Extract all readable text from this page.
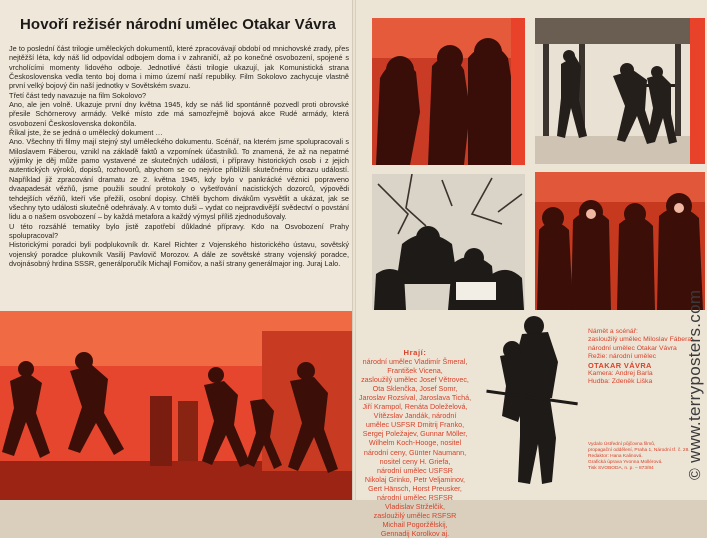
Hovoří režisér národní umělec Otakar Vávra

Je to poslední část trilogie uměleckých dokumentů, které zpracovávají období od mnichovské zrady, přes nejtěžší léta, kdy náš lid odpovídal odbojem doma i v zahraničí, až po konečné osvobození, spojené s vrcholícími momenty lidového odboje. Jednotlivé části trilogie ukazují, jak Komunistická strana Československa vedla tento boj doma i mimo území naší republiky. Film Sokolovo zachycuje vlastně první velký bojový čin naší jednotky v Sovětském svazu.

Třetí část tedy navazuje na film Sokolovo?

Ano, ale jen volně. Ukazuje první dny května 1945, kdy se náš lid spontánně pozvedl proti obrovské přesile Schörnerovy armády. Velké místo zde má samozřejmě bojová akce Rudé armády, která osvobození Československa dokončila.

Říkal jste, že se jedná o umělecký dokument …

Ano. Všechny tři filmy mají stejný styl uměleckého dokumentu. Scénář, na kterém jsme spolupracovali s Miloslavem Fáberou, vznikl na základě faktů a vzpomínek účastníků. To znamená, že až na nepatrné výjimky je děj může pamo vystavené ze skutečných události, i přípravy historických osob i z jejich autentických výroků, dopisů, rozhovorů, abychom se co nejvíce přiblížili skutečnému obrazu událostí. Například již zpracování dramatu ze 2. května 1945, kdy bylo v pankrácké věznici popraveno dvaapadesát vězňů, jsme použili soudní protokoly o vyšetřování nacistických dozorců, výpovědi tehdejších vězňů, kteří vše přežili, osobní dopisy. Chtěli bychom divákům vysvětlit a ukázat, jak se všechny tyto události skutečně odehrávaly. A v tomto duši – vydat co nejpravdivější svědectví o povstání lidu a o našem osvobození – by každá metafora a každý výmysl příliš zjednodušovaly.

U této rozsáhlé tematiky bylo jistě zapotřebí důkladné přípravy. Kdo na Osvobození Prahy spolupracoval?

Historickými poradci byli podplukovník dr. Karel Richter z Vojenského historického ústavu, sovětský vojenský poradce plukovník Vasilij Pavlovič Morozov. A dále ze sovětské strany vojenský poradce, dvojnásobný hrdina SSSR, generálporučík Michajl Fomičov, a naší strany generálmajor ing. Juraj Lalo.

Hrají:
národní umělec Vladimír Šmeral,
František Vicena,
zasloužilý umělec Josef Větrovec,
Ota Sklenčka, Josef Somr,
Jaroslav Rozsíval, Jaroslava Tichá,
Jiří Krampol, Renáta Doleželová,
Vítězslav Jandák, národní
umělec USFSR Dmitrij Franko,
Sergej Poležajev, Gunnar Möller,
Wilhelm Koch-Hooge, nositel
národní ceny, Günter Naumann,
nositel ceny H. Griefa,
národní umělec USFSR
Nikolaj Grinko, Petr Veljaminov,
Gert Hänsch, Horst Preusker,
národní umělec RSFSR
Vladislav Strželčik,
zasloužilý umělec RSFSR
Michail Pogoržělskij,
Gennadij Korolkov aj.
Námět a scénář:
zasloužilý umělec Miloslav Fábera
národní umělec Otakar Vávra
Režie: národní umělec
OTAKAR VÁVRA
Kamera: Andrej Barla
Hudba: Zdeněk Liška
Vydalo Ústřední půjčovna filmů,
propagační oddělení, Praha 1, Národní tř. č. 28.
Redaktor: Hana Kalinová.
Grafická úprava Yvonna Mollérová.
Tisk SVOBODA, n. p. – 873/84	© www.terryposters.com
